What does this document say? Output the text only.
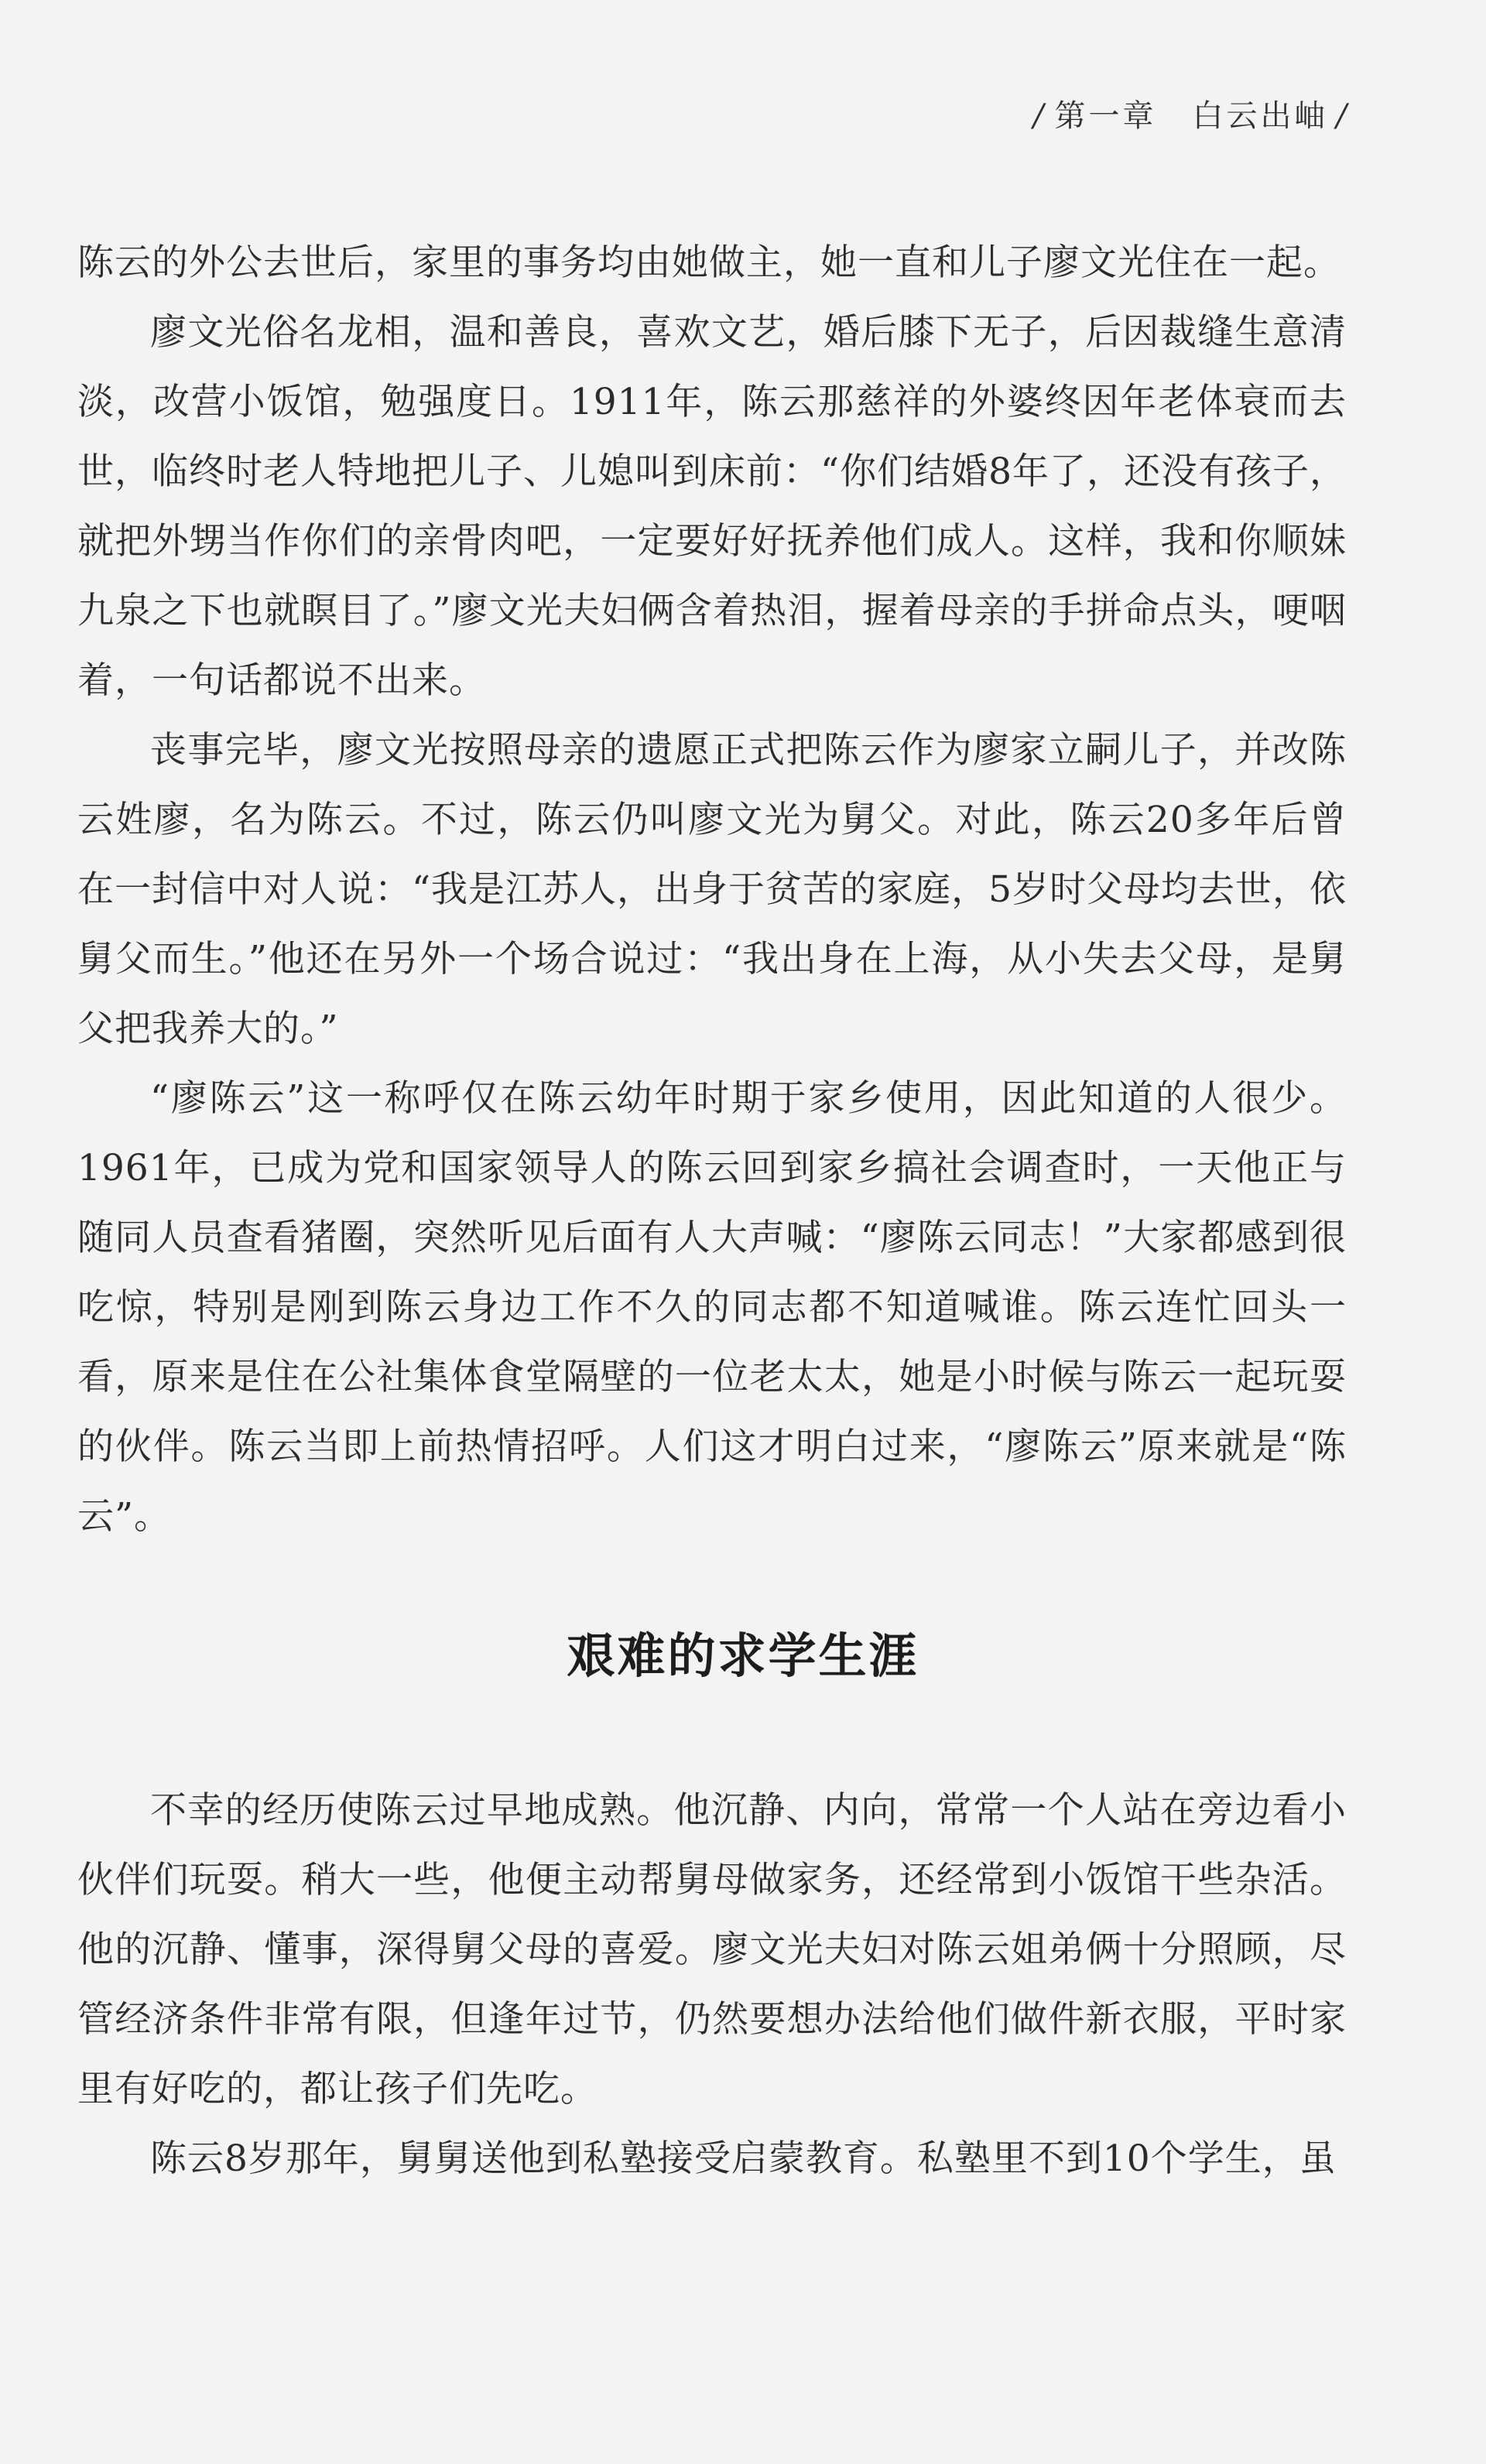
/ 第一章 白云出岫 /

陈云的外公去世后，家里的事务均由她做主，她一直和儿子廖文光住在一起。

廖文光俗名龙相，温和善良，喜欢文艺，婚后膝下无子，后因裁缝生意清淡，改营小饭馆，勉强度日。1911年，陈云那慈祥的外婆终因年老体衰而去世，临终时老人特地把儿子、儿媳叫到床前：“你们结婚8年了，还没有孩子，就把外甥当作你们的亲骨肉吧，一定要好好抚养他们成人。这样，我和你顺妹九泉之下也就瞑目了。”廖文光夫妇俩含着热泪，握着母亲的手拼命点头，哽咽着，一句话都说不出来。

丧事完毕，廖文光按照母亲的遗愿正式把陈云作为廖家立嗣儿子，并改陈云姓廖，名为陈云。不过，陈云仍叫廖文光为舅父。对此，陈云20多年后曾在一封信中对人说：“我是江苏人，出身于贫苦的家庭，5岁时父母均去世，依舅父而生。”他还在另外一个场合说过：“我出身在上海，从小失去父母，是舅父把我养大的。”

“廖陈云”这一称呼仅在陈云幼年时期于家乡使用，因此知道的人很少。1961年，已成为党和国家领导人的陈云回到家乡搞社会调查时，一天他正与随同人员查看猪圈，突然听见后面有人大声喊：“廖陈云同志！”大家都感到很吃惊，特别是刚到陈云身边工作不久的同志都不知道喊谁。陈云连忙回头一看，原来是住在公社集体食堂隔壁的一位老太太，她是小时候与陈云一起玩耍的伙伴。陈云当即上前热情招呼。人们这才明白过来，“廖陈云”原来就是“陈云”。

艰难的求学生涯

不幸的经历使陈云过早地成熟。他沉静、内向，常常一个人站在旁边看小伙伴们玩耍。稍大一些，他便主动帮舅母做家务，还经常到小饭馆干些杂活。他的沉静、懂事，深得舅父母的喜爱。廖文光夫妇对陈云姐弟俩十分照顾，尽管经济条件非常有限，但逢年过节，仍然要想办法给他们做件新衣服，平时家里有好吃的，都让孩子们先吃。

陈云8岁那年，舅舅送他到私塾接受启蒙教育。私塾里不到10个学生，虽
